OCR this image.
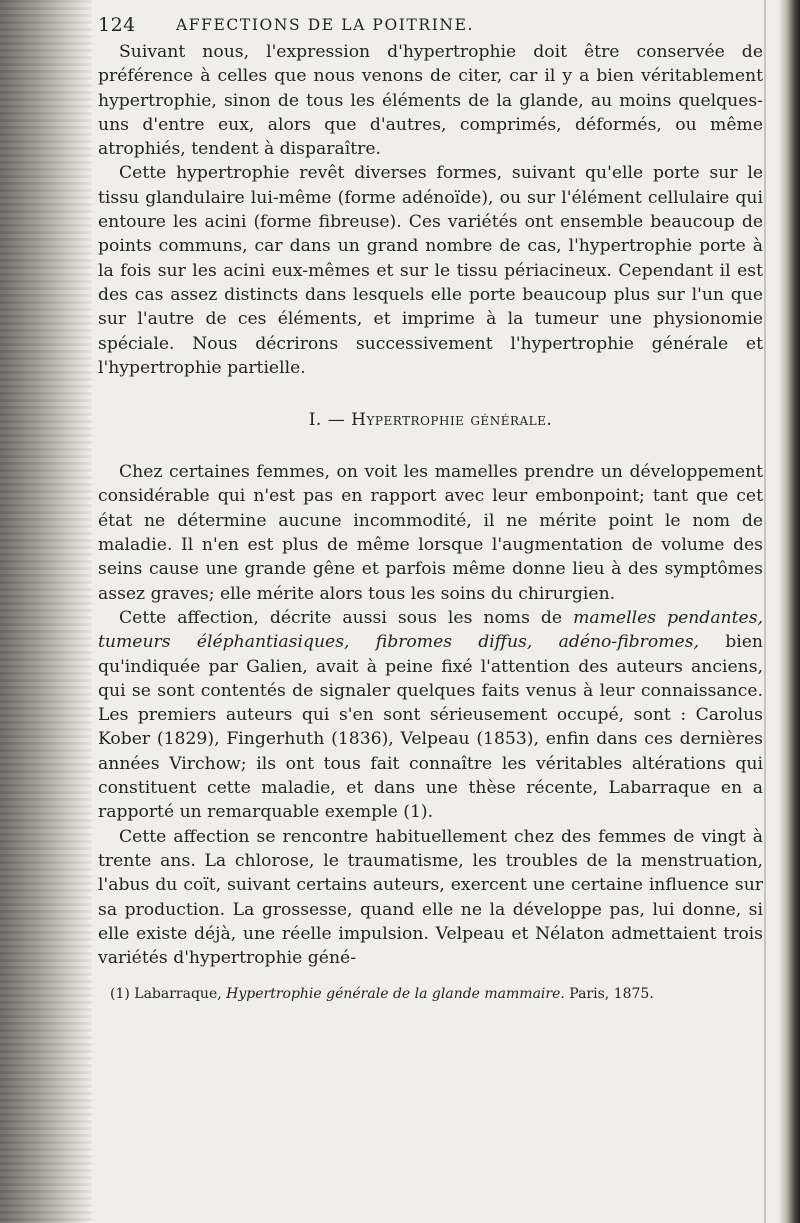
124	AFFECTIONS DE LA POITRINE.

Suivant nous, l'expression d'hypertrophie doit être conservée de préférence à celles que nous venons de citer, car il y a bien véritablement hypertrophie, sinon de tous les éléments de la glande, au moins quelques-uns d'entre eux, alors que d'autres, comprimés, déformés, ou même atrophiés, tendent à disparaître.

Cette hypertrophie revêt diverses formes, suivant qu'elle porte sur le tissu glandulaire lui-même (forme adénoïde), ou sur l'élément cellulaire qui entoure les acini (forme fibreuse). Ces variétés ont ensemble beaucoup de points communs, car dans un grand nombre de cas, l'hypertrophie porte à la fois sur les acini eux-mêmes et sur le tissu périacineux. Cependant il est des cas assez distincts dans lesquels elle porte beaucoup plus sur l'un que sur l'autre de ces éléments, et imprime à la tumeur une physionomie spéciale. Nous décrirons successivement l'hypertrophie générale et l'hypertrophie partielle.

I. — Hypertrophie générale.

Chez certaines femmes, on voit les mamelles prendre un développement considérable qui n'est pas en rapport avec leur embonpoint; tant que cet état ne détermine aucune incommodité, il ne mérite point le nom de maladie. Il n'en est plus de même lorsque l'augmentation de volume des seins cause une grande gêne et parfois même donne lieu à des symptômes assez graves; elle mérite alors tous les soins du chirurgien.

Cette affection, décrite aussi sous les noms de mamelles pendantes, tumeurs éléphantiasiques, fibromes diffus, adéno-fibromes, bien qu'indiquée par Galien, avait à peine fixé l'attention des auteurs anciens, qui se sont contentés de signaler quelques faits venus à leur connaissance. Les premiers auteurs qui s'en sont sérieusement occupé, sont : Carolus Kober (1829), Fingerhuth (1836), Velpeau (1853), enfin dans ces dernières années Virchow; ils ont tous fait connaître les véritables altérations qui constituent cette maladie, et dans une thèse récente, Labarraque en a rapporté un remarquable exemple (1).

Cette affection se rencontre habituellement chez des femmes de vingt à trente ans. La chlorose, le traumatisme, les troubles de la menstruation, l'abus du coït, suivant certains auteurs, exercent une certaine influence sur sa production. La grossesse, quand elle ne la développe pas, lui donne, si elle existe déjà, une réelle impulsion. Velpeau et Nélaton admettaient trois variétés d'hypertrophie géné-

(1) Labarraque, Hypertrophie générale de la glande mammaire. Paris, 1875.
